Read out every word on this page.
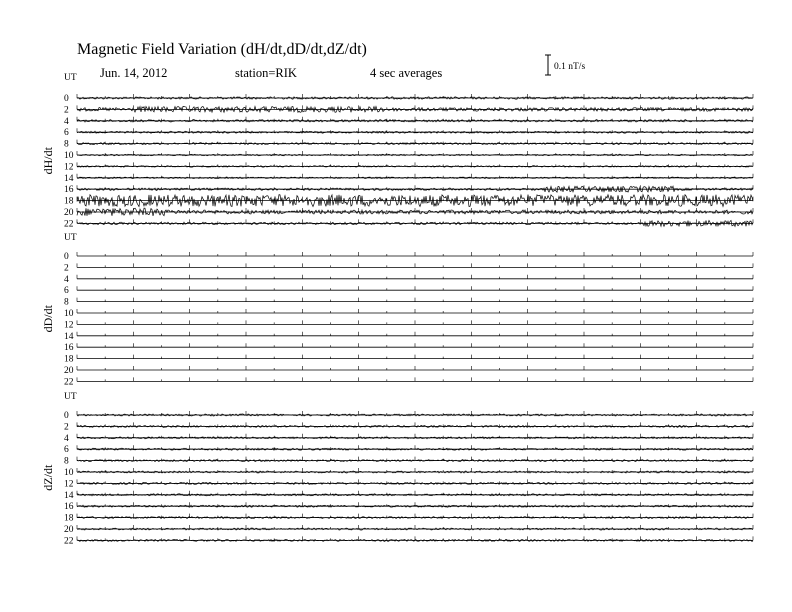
Magnetic Field Variation (dH/dt,dD/dt,dZ/dt)
Jun. 14, 2012	station=RIK	4 sec averages	0.1 nT/s
UT
dH/dt
0
2
4
6
8
10
12
14
16
18
20
22
UT
dD/dt
0
2
4
6
8
10
12
14
16
18
20
22
UT
dZ/dt
0
2
4
6
8
10
12
14
16
18
20
22
